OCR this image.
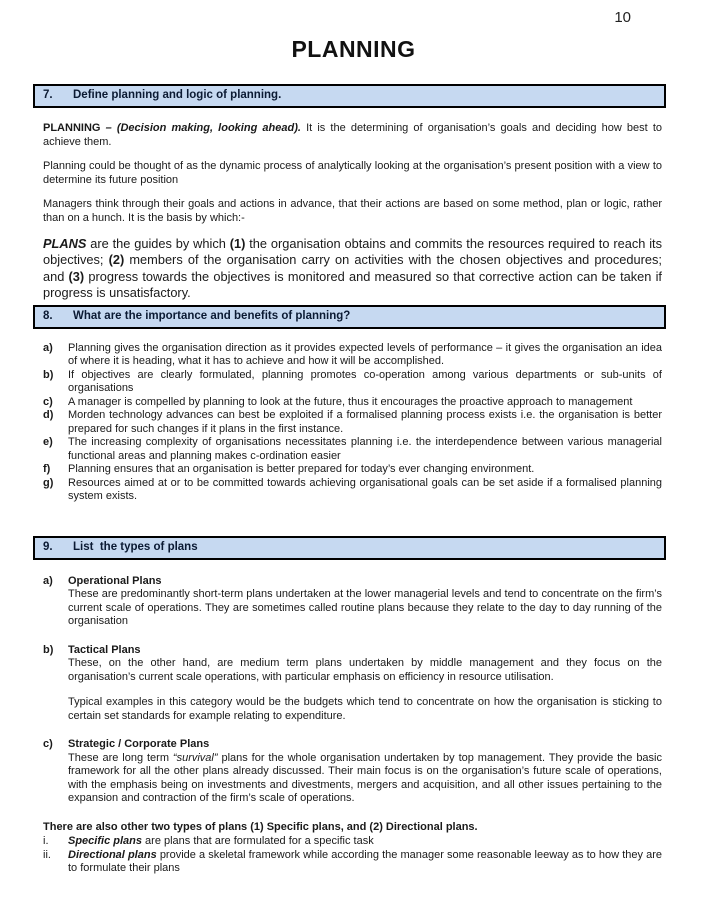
10
PLANNING
7.	Define planning and logic of planning.

PLANNING – (Decision making, looking ahead). It is the determining of organisation’s goals and deciding how best to achieve them.

Planning could be thought of as the dynamic process of analytically looking at the organisation’s present position with a view to determine its future position

Managers think through their goals and actions in advance, that their actions are based on some method, plan or logic, rather than on a hunch. It is the basis by which:-

PLANS are the guides by which (1) the organisation obtains and commits the resources required to reach its objectives; (2) members of the organisation carry on activities with the chosen objectives and procedures; and (3) progress towards the objectives is monitored and measured so that corrective action can be taken if progress is unsatisfactory.

8.	What are the importance and benefits of planning?
a)	Planning gives the organisation direction as it provides expected levels of performance – it gives the organisation an idea of where it is heading, what it has to achieve and how it will be accomplished.
b)	If objectives are clearly formulated, planning promotes co-operation among various departments or sub-units of organisations
c)	A manager is compelled by planning to look at the future, thus it encourages the proactive approach to management
d)	Morden technology advances can best be exploited if a formalised planning process exists i.e. the organisation is better prepared for such changes if it plans in the first instance.
e)	The increasing complexity of organisations necessitates planning i.e. the interdependence between various managerial functional areas and planning makes c-ordination easier
f)	Planning ensures that an organisation is better prepared for today’s ever changing environment.
g)	Resources aimed at or to be committed towards achieving organisational goals can be set aside if a formalised planning system exists.
9.	List  the types of plans
a)	Operational Plans

These are predominantly short-term plans undertaken at the lower managerial levels and tend to concentrate on the firm’s current scale of operations. They are sometimes called routine plans because they relate to the day to day running of the organisation

b)	Tactical Plans

These, on the other hand, are medium term plans undertaken by middle management and they focus on the organisation’s current scale operations, with particular emphasis on efficiency in resource utilisation.

Typical examples in this category would be the budgets which tend to concentrate on how the organisation is sticking to certain set standards for example relating to expenditure.

c)	Strategic / Corporate Plans

These are long term “survival” plans for the whole organisation undertaken by top management. They provide the basic framework for all the other plans already discussed. Their main focus is on the organisation’s future scale of operations, with the emphasis being on investments and divestments, mergers and acquisition, and all other issues pertaining to the expansion and contraction of the firm’s scale of operations.

There are also other two types of plans (1) Specific plans, and (2) Directional plans.

i.	Specific plans are plans that are formulated for a specific task
ii.	Directional plans provide a skeletal framework while according the manager some reasonable leeway as to how they are to formulate their plans
